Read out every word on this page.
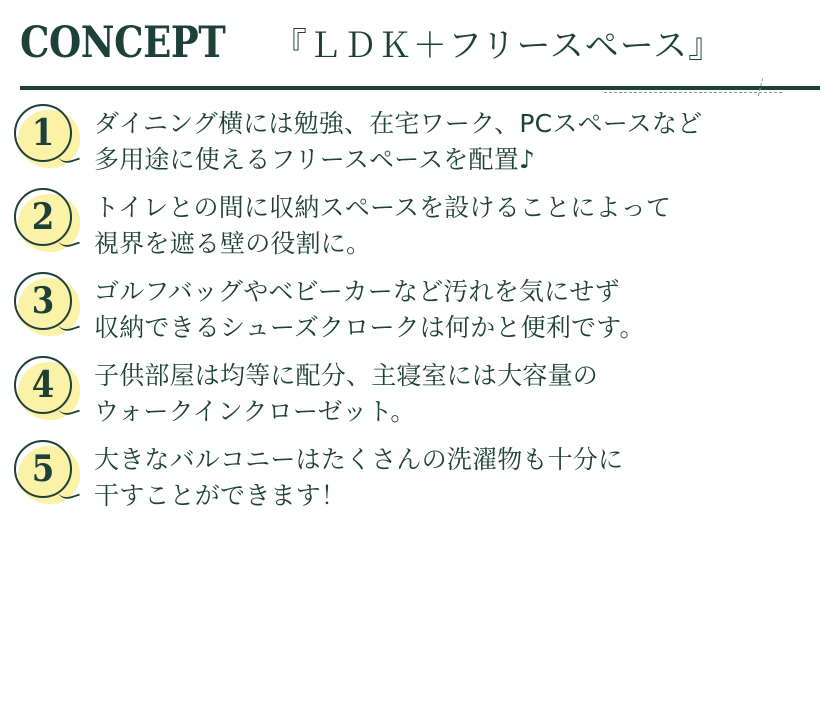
CONCEPT 『ＬＤＫ＋フリースペース』
1	ダイニング横には勉強、在宅ワーク、PCスペースなど
多用途に使えるフリースペースを配置♪
2	トイレとの間に収納スペースを設けることによって
視界を遮る壁の役割に。
3	ゴルフバッグやベビーカーなど汚れを気にせず
収納できるシューズクロークは何かと便利です。
4	子供部屋は均等に配分、主寝室には大容量の
ウォークインクローゼット。
5	大きなバルコニーはたくさんの洗濯物も十分に
干すことができます！
